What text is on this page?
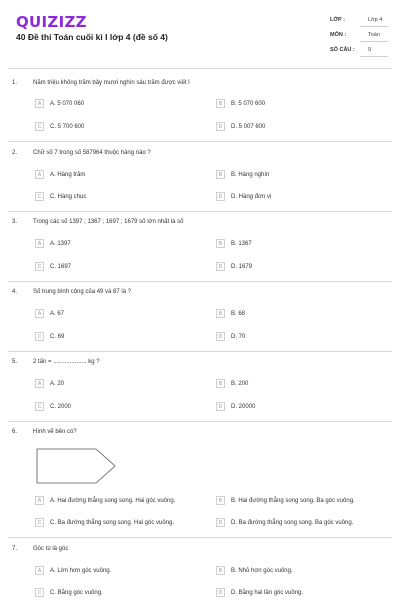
QUIZIZZ
40 Đề thi Toán cuối kì I lớp 4 (đề số 4)
LỚP :	Lớp 4
MÔN :	Toán
SỐ CÂU : 9
1.	Năm triệu không trăm bảy mươi nghìn sáu trăm được viết l
A	A. 5 070 060	B	B. 5 070 600
C	C. 5 700 600	D	D. 5 007 600
2.	Chữ số 7 trong số 587964 thuộc hàng nào ?
A	A. Hàng trăm	B	B. Hàng nghìn
C	C. Hàng chục	D	D. Hàng đơn vị
3.	Trong các số 1397 ; 1367 ; 1697 ; 1679 số lớn nhất là số
A	A. 1397	B	B. 1367
C	C. 1697	D	D. 1679
4.	Số trung bình cộng của 49 và 87 là ?
A	A. 67	B	B. 68
C	C. 69	D	D. 70
5.	2 tấn = .................... kg ?
A	A. 20	B	B. 200
C	C. 2000	D	D. 20000
6.	Hình vẽ bên có?
A	A. Hai đường thẳng song song. Hai góc vuông.	B	B. Hai đường thẳng song song. Ba góc vuông.
C	C. Ba đường thẳng song song. Hai góc vuông.	D	D. Ba đường thẳng song song. Ba góc vuông.
7.	Góc tù là góc
A	A. Lớn hơn góc vuông.	B	B. Nhỏ hơn góc vuông.
C	C. Bằng góc vuông.	D	D. Bằng hai lần góc vuông.
